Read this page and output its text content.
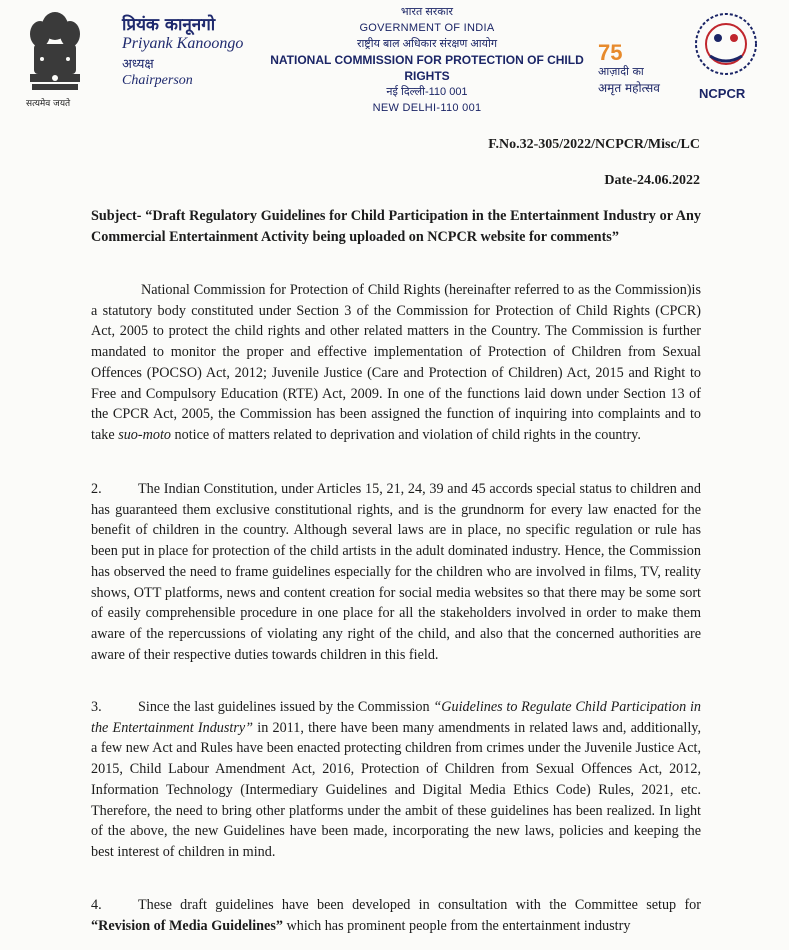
सत्यमेव जयते
प्रियंक कानूनगो
Priyank Kanoongo
अध्यक्ष
Chairperson
भारत सरकार
GOVERNMENT OF INDIA
राष्ट्रीय बाल अधिकार संरक्षण आयोग
NATIONAL COMMISSION FOR PROTECTION OF CHILD RIGHTS
नई दिल्ली-110 001
NEW DELHI-110 001
75
आज़ादी का
अमृत महोत्सव	NCPCR
F.No.32-305/2022/NCPCR/Misc/LC
Date-24.06.2022
Subject- “Draft Regulatory Guidelines for Child Participation in the Entertainment Industry or Any Commercial Entertainment Activity being uploaded on NCPCR website for comments”
National Commission for Protection of Child Rights (hereinafter referred to as the Commission)is a statutory body constituted under Section 3 of the Commission for Protection of Child Rights (CPCR) Act, 2005 to protect the child rights and other related matters in the Country. The Commission is further mandated to monitor the proper and effective implementation of Protection of Children from Sexual Offences (POCSO) Act, 2012; Juvenile Justice (Care and Protection of Children) Act, 2015 and Right to Free and Compulsory Education (RTE) Act, 2009. In one of the functions laid down under Section 13 of the CPCR Act, 2005, the Commission has been assigned the function of inquiring into complaints and to take suo-moto notice of matters related to deprivation and violation of child rights in the country.
2.	The Indian Constitution, under Articles 15, 21, 24, 39 and 45 accords special status to children and has guaranteed them exclusive constitutional rights, and is the grundnorm for every law enacted for the benefit of children in the country. Although several laws are in place, no specific regulation or rule has been put in place for protection of the child artists in the adult dominated industry. Hence, the Commission has observed the need to frame guidelines especially for the children who are involved in films, TV, reality shows, OTT platforms, news and content creation for social media websites so that there may be some sort of easily comprehensible procedure in one place for all the stakeholders involved in order to make them aware of the repercussions of violating any right of the child, and also that the concerned authorities are aware of their respective duties towards children in this field.
3.	Since the last guidelines issued by the Commission “Guidelines to Regulate Child Participation in the Entertainment Industry” in 2011, there have been many amendments in related laws and, additionally, a few new Act and Rules have been enacted protecting children from crimes under the Juvenile Justice Act, 2015, Child Labour Amendment Act, 2016, Protection of Children from Sexual Offences Act, 2012, Information Technology (Intermediary Guidelines and Digital Media Ethics Code) Rules, 2021, etc. Therefore, the need to bring other platforms under the ambit of these guidelines has been realized. In light of the above, the new Guidelines have been made, incorporating the new laws, policies and keeping the best interest of children in mind.
4.	These draft guidelines have been developed in consultation with the Committee setup for “Revision of Media Guidelines” which has prominent people from the entertainment industry
